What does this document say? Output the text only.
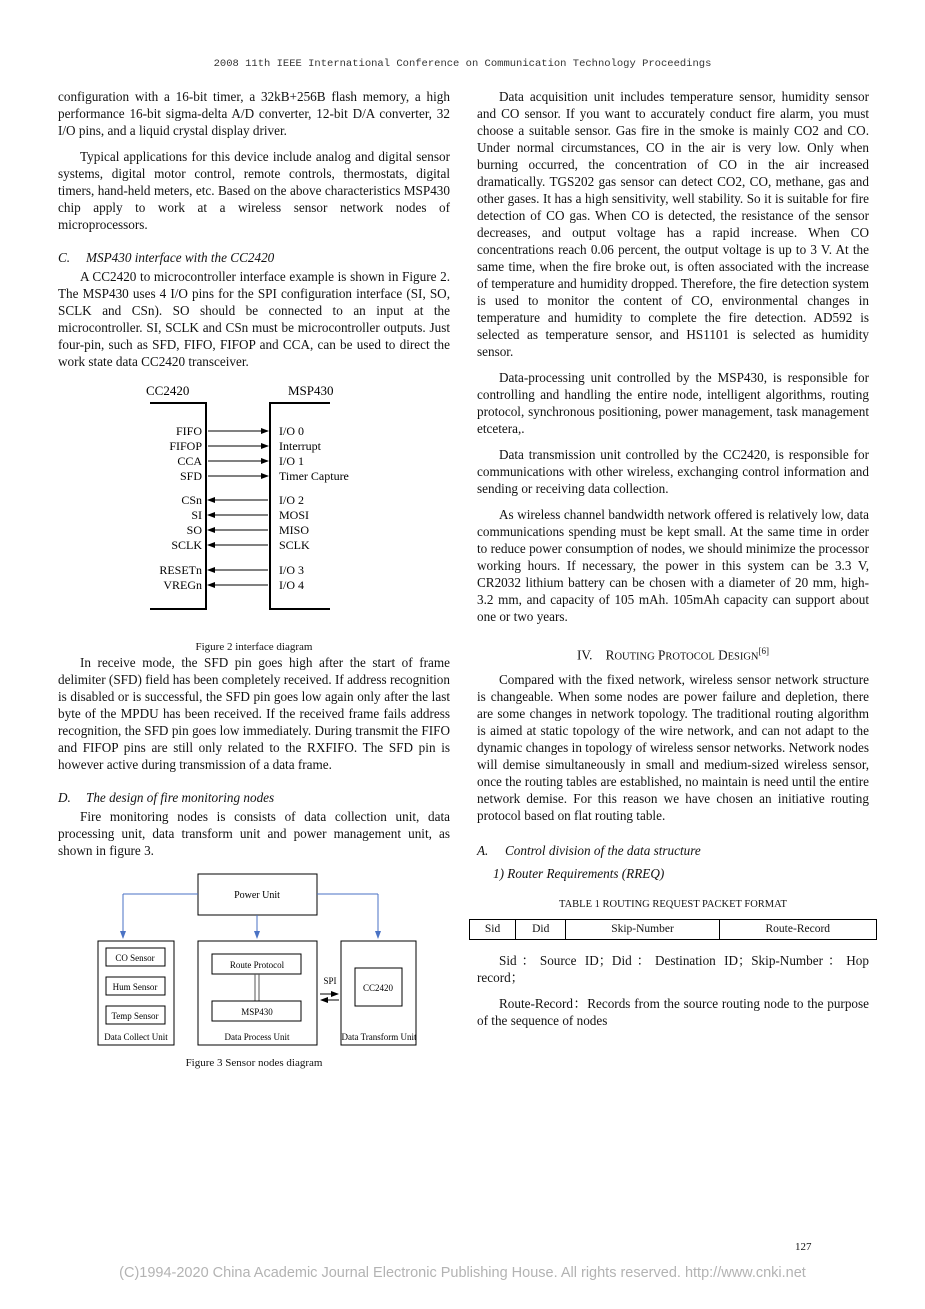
2008 11th IEEE International Conference on Communication Technology Proceedings

configuration with a 16-bit timer, a 32kB+256B flash memory, a high performance 16-bit sigma-delta A/D converter, 12-bit D/A converter, 32 I/O pins, and a liquid crystal display driver.

Typical applications for this device include analog and digital sensor systems, digital motor control, remote controls, thermostats, digital timers, hand-held meters, etc. Based on the above characteristics MSP430 chip apply to work at a wireless sensor network nodes of microprocessors.

C. MSP430 interface with the CC2420

A CC2420 to microcontroller interface example is shown in Figure 2. The MSP430 uses 4 I/O pins for the SPI configuration interface (SI, SO, SCLK and CSn). SO should be connected to an input at the microcontroller. SI, SCLK and CSn must be microcontroller outputs. Just four-pin, such as SFD, FIFO, FIFOP and CCA, can be used to direct the work state data CC2420 transceiver.

CC2420	MSP430
FIFO	I/O 0
FIFOP	Interrupt
CCA	I/O 1
SFD	Timer Capture
CSn	I/O 2
SI	MOSI
SO	MISO
SCLK	SCLK
RESETn	I/O 3
VREGn	I/O 4
Figure 2 interface diagram

In receive mode, the SFD pin goes high after the start of frame delimiter (SFD) field has been completely received. If address recognition is disabled or is successful, the SFD pin goes low again only after the last byte of the MPDU has been received. If the received frame fails address recognition, the SFD pin goes low immediately. During transmit the FIFO and FIFOP pins are still only related to the RXFIFO. The SFD pin is however active during transmission of a data frame.

D. The design of fire monitoring nodes

Fire monitoring nodes is consists of data collection unit, data processing unit, data transform unit and power management unit, as shown in figure 3.

Power Unit
CO Sensor
Hum Sensor
Temp Sensor
Data Collect Unit
Route Protocol
MSP430
Data Process Unit
SPI
CC2420
Data Transform Unit
Figure 3 Sensor nodes diagram

Data acquisition unit includes temperature sensor, humidity sensor and CO sensor. If you want to accurately conduct fire alarm, you must choose a suitable sensor. Gas fire in the smoke is mainly CO2 and CO. Under normal circumstances, CO in the air is very low. Only when burning occurred, the concentration of CO in the air increased dramatically. TGS202 gas sensor can detect CO2, CO, methane, gas and other gases. It has a high sensitivity, well stability. So it is suitable for fire detection of CO gas. When CO is detected, the resistance of the sensor decreases, and output voltage has a rapid increase. When CO concentrations reach 0.06 percent, the output voltage is up to 3 V. At the same time, when the fire broke out, is often associated with the increase of temperature and humidity dropped. Therefore, the fire detection system is used to monitor the content of CO, environmental changes in temperature and humidity to complete the fire detection. AD592 is selected as temperature sensor, and HS1101 is selected as humidity sensor.

Data-processing unit controlled by the MSP430, is responsible for controlling and handling the entire node, intelligent algorithms, routing protocol, synchronous positioning, power management, task management etcetera,.

Data transmission unit controlled by the CC2420, is responsible for communications with other wireless, exchanging control information and sending or receiving data collection.

As wireless channel bandwidth network offered is relatively low, data communications spending must be kept small. At the same time in order to reduce power consumption of nodes, we should minimize the processor working hours. If necessary, the power in this system can be 3.3 V, CR2032 lithium battery can be chosen with a diameter of 20 mm, high-3.2 mm, and capacity of 105 mAh. 105mAh capacity can support about one or two years.

IV. ROUTING PROTOCOL DESIGN[6]

Compared with the fixed network, wireless sensor network structure is changeable. When some nodes are power failure and depletion, there are some changes in network topology. The traditional routing algorithm is aimed at static topology of the wire network, and can not adapt to the dynamic changes in topology of wireless sensor networks. Network nodes will demise simultaneously in small and medium-sized wireless sensor, once the routing tables are established, no maintain is need until the entire network demise. For this reason we have chosen an initiative routing protocol based on flat routing table.

A. Control division of the data structure
1) Router Requirements (RREQ)
TABLE 1 ROUTING REQUEST PACKET FORMAT
Sid	Did	Skip-Number	Route-Record

Sid：Source ID；Did：Destination ID；Skip-Number：Hop record；

Route-Record：Records from the source routing node to the purpose of the sequence of nodes

127
(C)1994-2020 China Academic Journal Electronic Publishing House. All rights reserved. http://www.cnki.net
